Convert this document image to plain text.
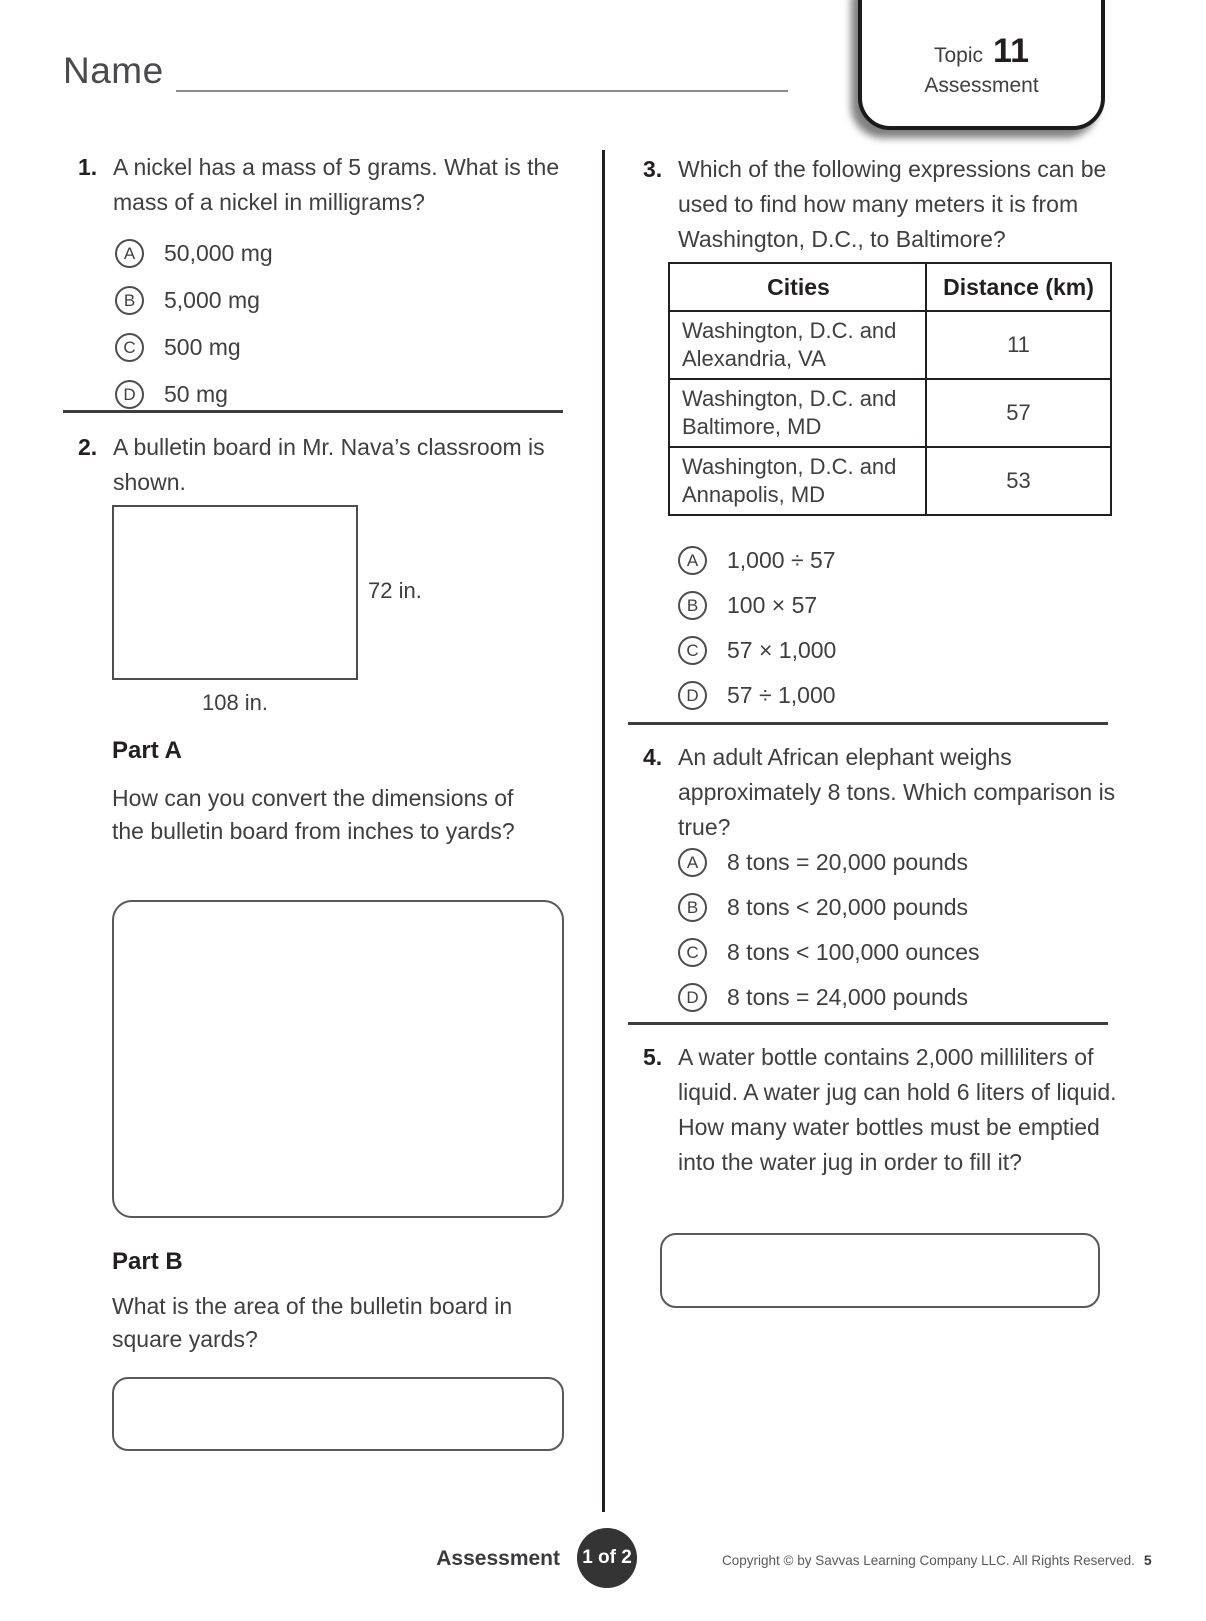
Name	Topic 11
Assessment
1. A nickel has a mass of 5 grams. What is the mass of a nickel in milligrams?
A	50,000 mg
B	5,000 mg
C	500 mg
D	50 mg
2. A bulletin board in Mr. Nava’s classroom is shown.
72 in.
108 in.
Part A
How can you convert the dimensions of the bulletin board from inches to yards?
Part B
What is the area of the bulletin board in square yards?
3. Which of the following expressions can be used to find how many meters it is from Washington, D.C., to Baltimore?
Cities	Distance (km)
Washington, D.C. and Alexandria, VA	11
Washington, D.C. and Baltimore, MD	57
Washington, D.C. and Annapolis, MD	53
A	1,000 ÷ 57
B	100 × 57
C	57 × 1,000
D	57 ÷ 1,000
4. An adult African elephant weighs approximately 8 tons. Which comparison is true?
A	8 tons = 20,000 pounds
B	8 tons < 20,000 pounds
C	8 tons < 100,000 ounces
D	8 tons = 24,000 pounds
5. A water bottle contains 2,000 milliliters of liquid. A water jug can hold 6 liters of liquid. How many water bottles must be emptied into the water jug in order to fill it?
Assessment 1 of 2	Copyright © by Savvas Learning Company LLC. All Rights Reserved. 5
